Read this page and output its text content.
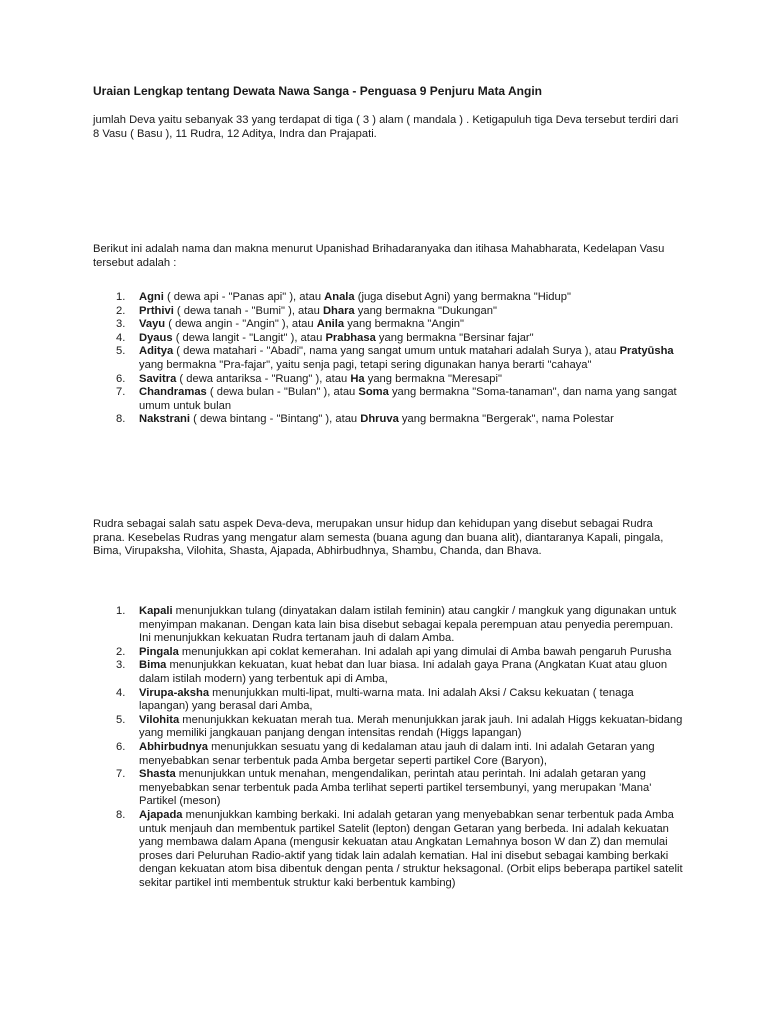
Uraian Lengkap tentang Dewata Nawa Sanga - Penguasa 9 Penjuru Mata Angin
jumlah Deva yaitu sebanyak 33 yang terdapat di tiga ( 3 ) alam ( mandala ) . Ketigapuluh tiga Deva tersebut terdiri dari 8 Vasu ( Basu ), 11 Rudra, 12 Aditya, Indra dan Prajapati.
Berikut ini adalah nama dan makna menurut Upanishad Brihadaranyaka dan itihasa Mahabharata, Kedelapan Vasu tersebut adalah :
1. Agni ( dewa api - "Panas api" ), atau Anala (juga disebut Agni) yang bermakna "Hidup"
2. Prthivi ( dewa tanah - "Bumi" ), atau Dhara yang bermakna "Dukungan"
3. Vayu ( dewa angin - "Angin" ), atau Anila yang bermakna "Angin"
4. Dyaus ( dewa langit - "Langit" ), atau Prabhasa yang bermakna "Bersinar fajar"
5. Aditya ( dewa matahari - "Abadi", nama yang sangat umum untuk matahari adalah Surya ), atau Pratyūsha yang bermakna "Pra-fajar", yaitu senja pagi, tetapi sering digunakan hanya berarti "cahaya"
6. Savitra ( dewa antariksa - "Ruang" ), atau Ha yang bermakna "Meresapi"
7. Chandramas ( dewa bulan - "Bulan" ), atau Soma yang bermakna "Soma-tanaman", dan nama yang sangat umum untuk bulan
8. Nakstrani ( dewa bintang - "Bintang" ), atau Dhruva yang bermakna "Bergerak", nama Polestar
Rudra sebagai salah satu aspek Deva-deva, merupakan unsur hidup dan kehidupan yang disebut sebagai Rudra prana. Kesebelas Rudras yang mengatur alam semesta (buana agung dan buana alit), diantaranya Kapali, pingala, Bima, Virupaksha, Vilohita, Shasta, Ajapada, Abhirbudhnya, Shambu, Chanda, dan Bhava.
1. Kapali menunjukkan tulang (dinyatakan dalam istilah feminin) atau cangkir / mangkuk yang digunakan untuk menyimpan makanan. Dengan kata lain bisa disebut sebagai kepala perempuan atau penyedia perempuan. Ini menunjukkan kekuatan Rudra tertanam jauh di dalam Amba.
2. Pingala menunjukkan api coklat kemerahan. Ini adalah api yang dimulai di Amba bawah pengaruh Purusha
3. Bima menunjukkan kekuatan, kuat hebat dan luar biasa. Ini adalah gaya Prana (Angkatan Kuat atau gluon dalam istilah modern) yang terbentuk api di Amba,
4. Virupa-aksha menunjukkan multi-lipat, multi-warna mata. Ini adalah Aksi / Caksu kekuatan ( tenaga lapangan) yang berasal dari Amba,
5. Vilohita menunjukkan kekuatan merah tua. Merah menunjukkan jarak jauh. Ini adalah Higgs kekuatan-bidang yang memiliki jangkauan panjang dengan intensitas rendah (Higgs lapangan)
6. Abhirbudnya menunjukkan sesuatu yang di kedalaman atau jauh di dalam inti. Ini adalah Getaran yang menyebabkan senar terbentuk pada Amba bergetar seperti partikel Core (Baryon),
7. Shasta menunjukkan untuk menahan, mengendalikan, perintah atau perintah. Ini adalah getaran yang menyebabkan senar terbentuk pada Amba terlihat seperti partikel tersembunyi, yang merupakan 'Mana' Partikel (meson)
8. Ajapada menunjukkan kambing berkaki. Ini adalah getaran yang menyebabkan senar terbentuk pada Amba untuk menjauh dan membentuk partikel Satelit (lepton) dengan Getaran yang berbeda. Ini adalah kekuatan yang membawa dalam Apana (mengusir kekuatan atau Angkatan Lemahnya boson W dan Z) dan memulai proses dari Peluruhan Radio-aktif yang tidak lain adalah kematian. Hal ini disebut sebagai kambing berkaki dengan kekuatan atom bisa dibentuk dengan penta / struktur heksagonal. (Orbit elips beberapa partikel satelit sekitar partikel inti membentuk struktur kaki berbentuk kambing)
